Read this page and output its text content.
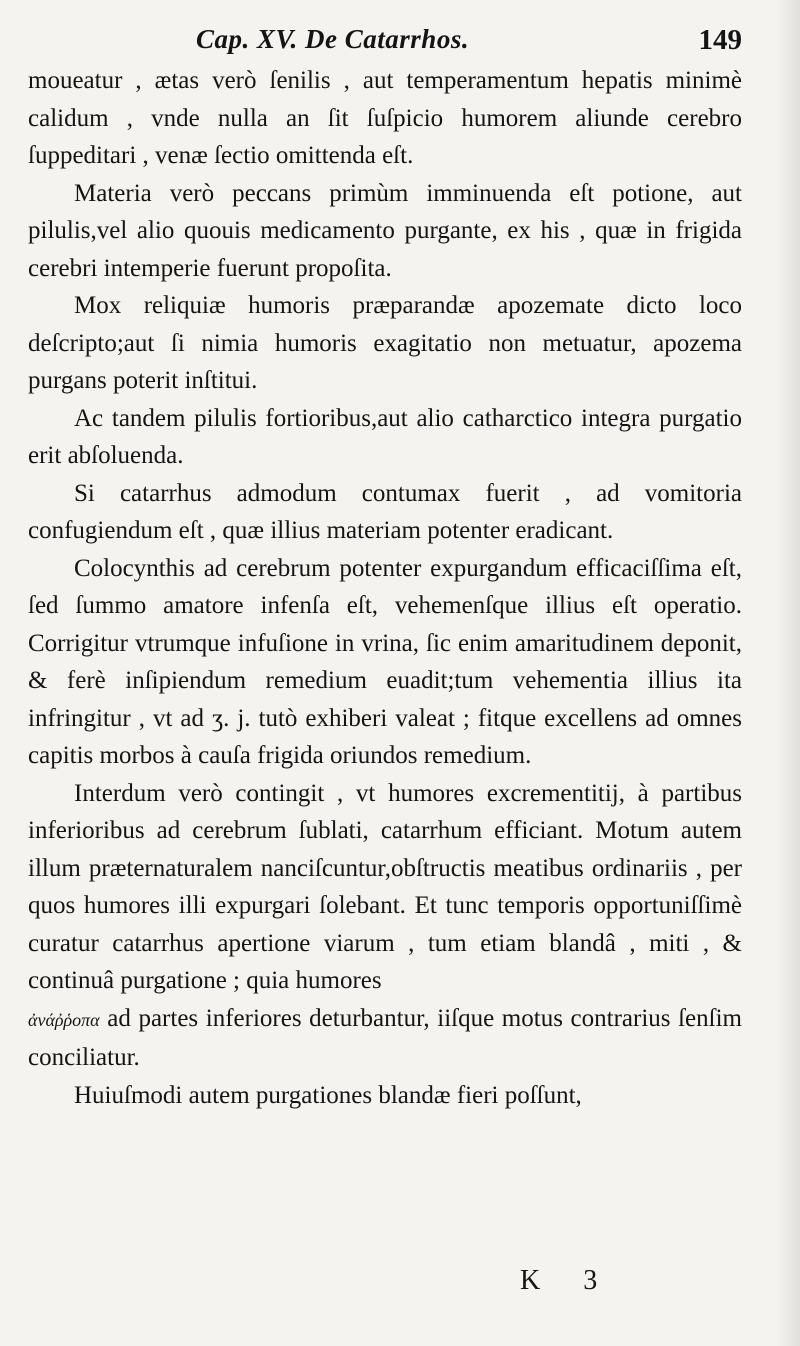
Cap. XV. De Catarrhos.	149

moueatur , ætas verò ſenilis , aut temperamentum hepatis minimè calidum , vnde nulla an ſit ſuſpicio humorem aliunde cerebro ſuppeditari , venæ ſectio omittenda eſt.

Materia verò peccans primùm imminuenda eſt potione, aut pilulis,vel alio quouis medicamento purgante, ex his , quæ in frigida cerebri intemperie fuerunt propoſita.

Mox reliquiæ humoris præparandæ apozemate dicto loco deſcripto;aut ſi nimia humoris exagitatio non metuatur, apozema purgans poterit inſtitui.

Ac tandem pilulis fortioribus,aut alio catharctico integra purgatio erit abſoluenda.

Si catarrhus admodum contumax fuerit , ad vomitoria confugiendum eſt , quæ illius materiam potenter eradicant.

Colocynthis ad cerebrum potenter expurgandum efficaciſſima eſt, ſed ſummo amatore infenſa eſt, vehemenſque illius eſt operatio. Corrigitur vtrumque infuſione in vrina, ſic enim amaritudinem deponit, & ferè inſipiendum remedium euadit;tum vehementia illius ita infringitur , vt ad ʒ. j. tutò exhiberi valeat ; fitque excellens ad omnes capitis morbos à cauſa frigida oriundos remedium.

Interdum verò contingit , vt humores excrementitij, à partibus inferioribus ad cerebrum ſublati, catarrhum efficiant. Motum autem illum præternaturalem nanciſcuntur,obſtructis meatibus ordinariis , per quos humores illi expurgari ſolebant. Et tunc temporis opportuniſſimè curatur catarrhus apertione viarum , tum etiam blandâ , miti , & continuâ purgatione ; quia humores

ἀνάῤῥοπα ad partes inferiores deturbantur, iiſque motus contrarius ſenſim conciliatur.

Huiuſmodi autem purgationes blandæ fieri poſſunt,

K 3
